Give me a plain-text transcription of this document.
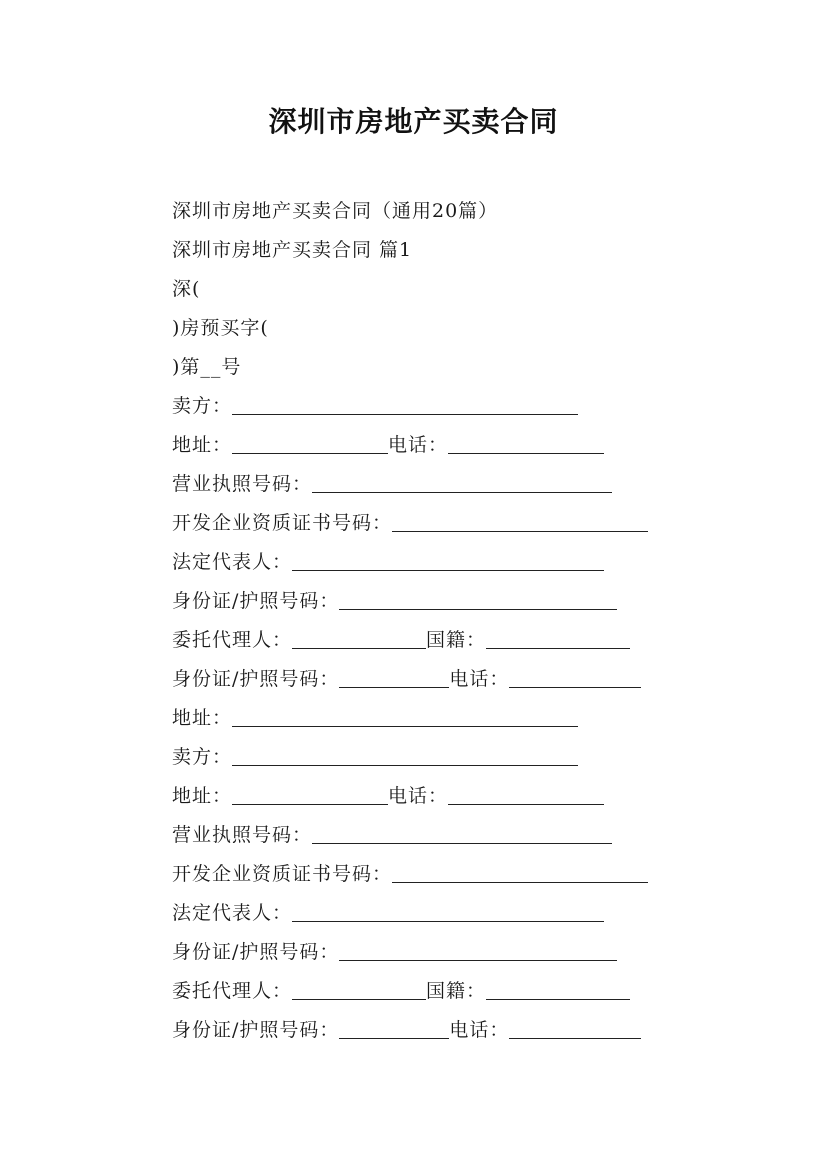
深圳市房地产买卖合同
深圳市房地产买卖合同（通用20篇）
深圳市房地产买卖合同 篇1
深(
)房预买字(
)第__号
卖方：
地址：	电话：
营业执照号码：
开发企业资质证书号码：
法定代表人：
身份证/护照号码：
委托代理人：	国籍：
身份证/护照号码：	电话：
地址：
卖方：
地址：	电话：
营业执照号码：
开发企业资质证书号码：
法定代表人：
身份证/护照号码：
委托代理人：	国籍：
身份证/护照号码：	电话：
